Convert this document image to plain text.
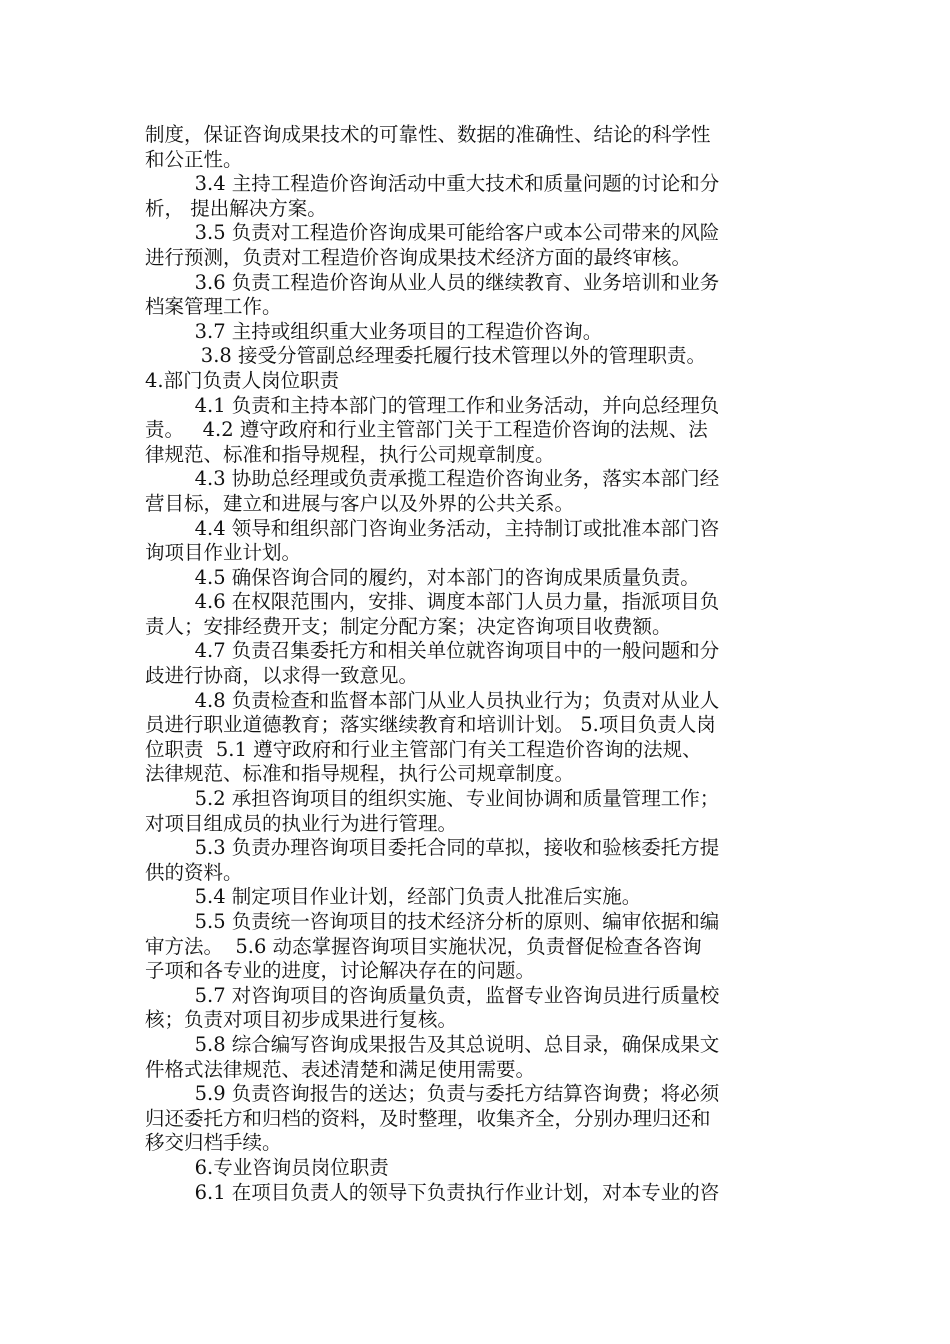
制度，保证咨询成果技术的可靠性、数据的准确性、结论的科学性
和公正性。
3.4 主持工程造价咨询活动中重大技术和质量问题的讨论和分
析， 提出解决方案。
3.5 负责对工程造价咨询成果可能给客户或本公司带来的风险
进行预测，负责对工程造价咨询成果技术经济方面的最终审核。
3.6 负责工程造价咨询从业人员的继续教育、业务培训和业务
档案管理工作。
3.7 主持或组织重大业务项目的工程造价咨询。
3.8 接受分管副总经理委托履行技术管理以外的管理职责。
4.部门负责人岗位职责
4.1 负责和主持本部门的管理工作和业务活动，并向总经理负
责。   4.2 遵守政府和行业主管部门关于工程造价咨询的法规、法
律规范、标准和指导规程，执行公司规章制度。
4.3 协助总经理或负责承揽工程造价咨询业务，落实本部门经
营目标，建立和进展与客户以及外界的公共关系。
4.4 领导和组织部门咨询业务活动，主持制订或批准本部门咨
询项目作业计划。
4.5 确保咨询合同的履约，对本部门的咨询成果质量负责。
4.6 在权限范围内，安排、调度本部门人员力量，指派项目负
责人；安排经费开支；制定分配方案；决定咨询项目收费额。
4.7 负责召集委托方和相关单位就咨询项目中的一般问题和分
歧进行协商，以求得一致意见。
4.8 负责检查和监督本部门从业人员执业行为；负责对从业人
员进行职业道德教育；落实继续教育和培训计划。 5.项目负责人岗
位职责  5.1 遵守政府和行业主管部门有关工程造价咨询的法规、
法律规范、标准和指导规程，执行公司规章制度。
5.2 承担咨询项目的组织实施、专业间协调和质量管理工作；
对项目组成员的执业行为进行管理。
5.3 负责办理咨询项目委托合同的草拟，接收和验核委托方提
供的资料。
5.4 制定项目作业计划，经部门负责人批准后实施。
5.5 负责统一咨询项目的技术经济分析的原则、编审依据和编
审方法。  5.6 动态掌握咨询项目实施状况，负责督促检查各咨询
子项和各专业的进度，讨论解决存在的问题。
5.7 对咨询项目的咨询质量负责，监督专业咨询员进行质量校
核；负责对项目初步成果进行复核。
5.8 综合编写咨询成果报告及其总说明、总目录，确保成果文
件格式法律规范、表述清楚和满足使用需要。
5.9 负责咨询报告的送达；负责与委托方结算咨询费；将必须
归还委托方和归档的资料，及时整理，收集齐全，分别办理归还和
移交归档手续。
6.专业咨询员岗位职责
6.1 在项目负责人的领导下负责执行作业计划，对本专业的咨
